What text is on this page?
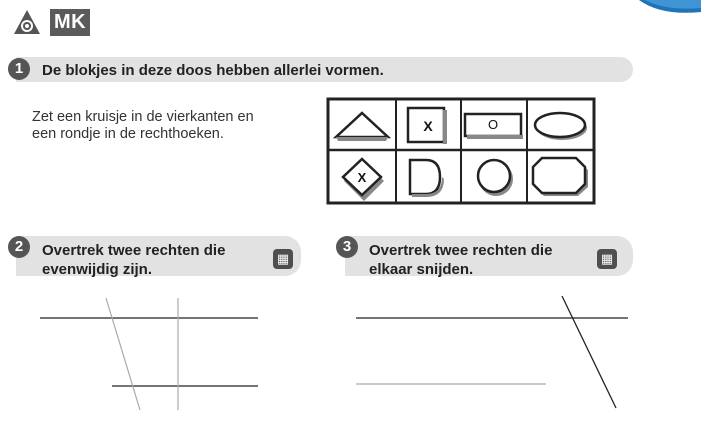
MK
1	De blokjes in deze doos hebben allerlei vormen.
Zet een kruisje in de vierkanten en
een rondje in de rechthoeken.	X	O
X
2	Overtrek twee rechten die
evenwijdig zijn.
▦
3	Overtrek twee rechten die
elkaar snijden.
▦
